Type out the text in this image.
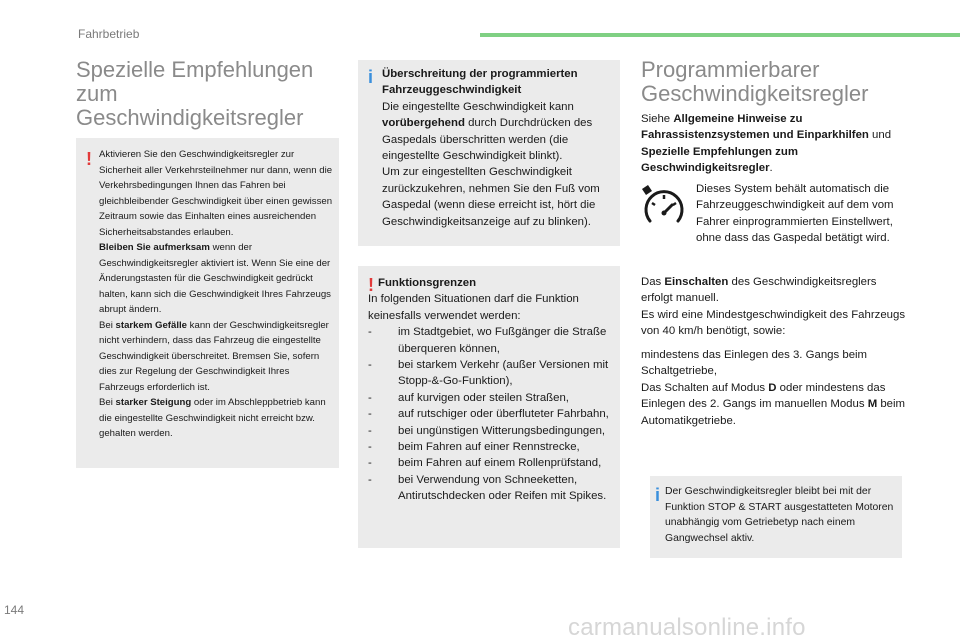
Fahrbetrieb
Spezielle Empfehlungen
zum Geschwindigkeitsregler
! Aktivieren Sie den Geschwindigkeitsregler zur Sicherheit aller Verkehrsteilnehmer nur dann, wenn die Verkehrsbedingungen Ihnen das Fahren bei gleichbleibender Geschwindigkeit über einen gewissen Zeitraum sowie das Einhalten eines ausreichenden Sicherheitsabstandes erlauben.
Bleiben Sie aufmerksam wenn der Geschwindigkeitsregler aktiviert ist. Wenn Sie eine der Änderungstasten für die Geschwindigkeit gedrückt halten, kann sich die Geschwindigkeit Ihres Fahrzeugs abrupt ändern.
Bei starkem Gefälle kann der Geschwindigkeitsregler nicht verhindern, dass das Fahrzeug die eingestellte Geschwindigkeit überschreitet. Bremsen Sie, sofern dies zur Regelung der Geschwindigkeit Ihres Fahrzeugs erforderlich ist.
Bei starker Steigung oder im Abschleppbetrieb kann die eingestellte Geschwindigkeit nicht erreicht bzw. gehalten werden.
i Überschreitung der programmierten Fahrzeuggeschwindigkeit
Die eingestellte Geschwindigkeit kann vorübergehend durch Durchdrücken des Gaspedals überschritten werden (die eingestellte Geschwindigkeit blinkt).
Um zur eingestellten Geschwindigkeit zurückzukehren, nehmen Sie den Fuß vom Gaspedal (wenn diese erreicht ist, hört die Geschwindigkeitsanzeige auf zu blinken).
! Funktionsgrenzen
In folgenden Situationen darf die Funktion keinesfalls verwendet werden:
- im Stadtgebiet, wo Fußgänger die Straße überqueren können,
- bei starkem Verkehr (außer Versionen mit Stopp-&-Go-Funktion),
- auf kurvigen oder steilen Straßen,
- auf rutschiger oder überfluteter Fahrbahn,
- bei ungünstigen Witterungsbedingungen,
- beim Fahren auf einer Rennstrecke,
- beim Fahren auf einem Rollenprüfstand,
- bei Verwendung von Schneeketten, Antirutschdecken oder Reifen mit Spikes.
Programmierbarer
Geschwindigkeitsregler
Siehe Allgemeine Hinweise zu Fahrassistenzsystemen und Einparkhilfen und Spezielle Empfehlungen zum Geschwindigkeitsregler.
Dieses System behält automatisch die Fahrzeuggeschwindigkeit auf dem vom Fahrer einprogrammierten Einstellwert, ohne dass das Gaspedal betätigt wird.
Das Einschalten des Geschwindigkeitsreglers erfolgt manuell.
Es wird eine Mindestgeschwindigkeit des Fahrzeugs von 40 km/h benötigt, sowie:
mindestens das Einlegen des 3. Gangs beim Schaltgetriebe,
Das Schalten auf Modus D oder mindestens das Einlegen des 2. Gangs im manuellen Modus M beim Automatikgetriebe.
i Der Geschwindigkeitsregler bleibt bei mit der Funktion STOP & START ausgestatteten Motoren unabhängig vom Getriebetyp nach einem Gangwechsel aktiv.
144
carmanualsonline.info
